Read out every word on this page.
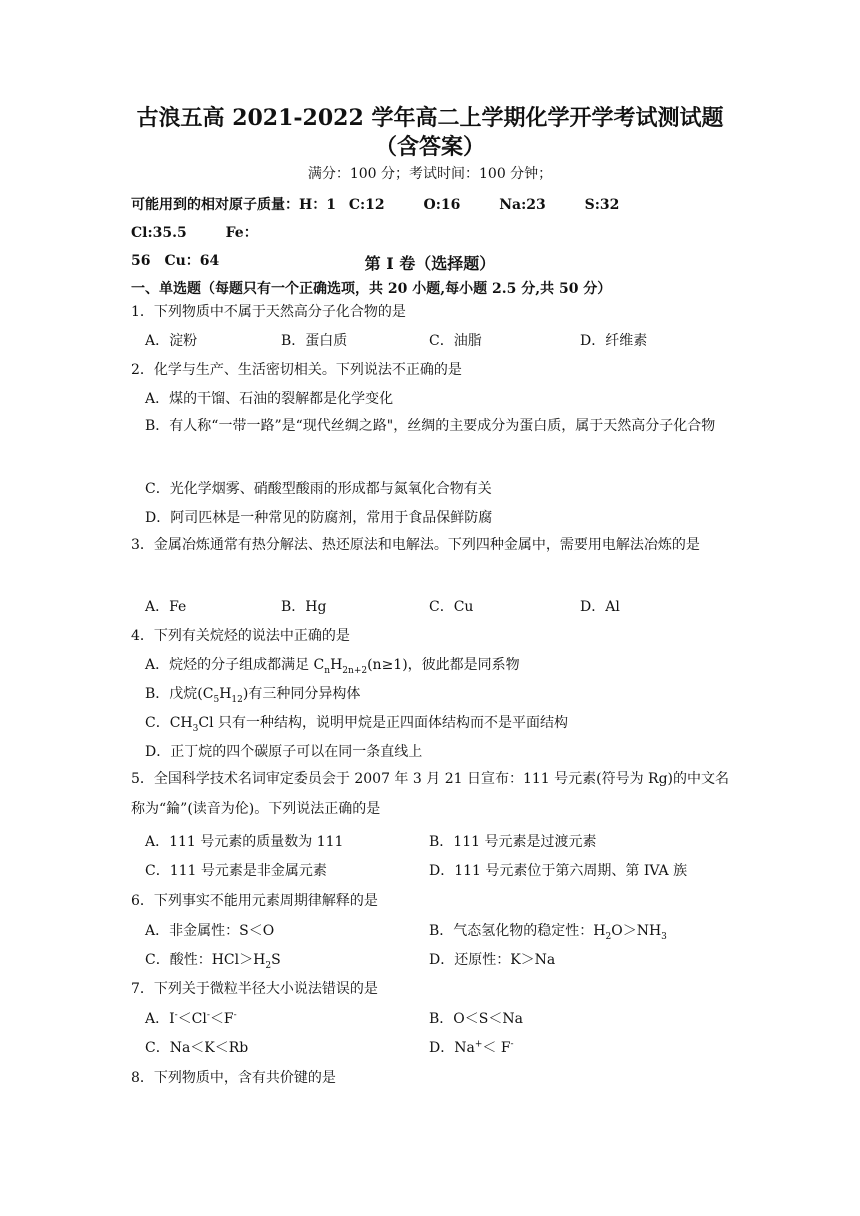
古浪五高 2021-2022 学年高二上学期化学开学考试测试题（含答案）
满分：100 分；考试时间：100 分钟；
可能用到的相对原子质量：H：1 C:12	O:16	Na:23	S:32 Cl:35.5	Fe：
56 Cu：64	第 I 卷（选择题）
一、单选题（每题只有一个正确选项，共 20 小题,每小题 2.5 分,共 50 分）
1．下列物质中不属于天然高分子化合物的是
A．淀粉	B．蛋白质	C．油脂	D．纤维素
2．化学与生产、生活密切相关。下列说法不正确的是
A．煤的干馏、石油的裂解都是化学变化
B．有人称“一带一路”是“现代丝绸之路"，丝绸的主要成分为蛋白质，属于天然高分子化合物
C．光化学烟雾、硝酸型酸雨的形成都与氮氧化合物有关
D．阿司匹林是一种常见的防腐剂，常用于食品保鲜防腐
3．金属冶炼通常有热分解法、热还原法和电解法。下列四种金属中，需要用电解法冶炼的是
A．Fe	B．Hg	C．Cu	D．Al
4．下列有关烷烃的说法中正确的是
A．烷烃的分子组成都满足 $C_nH_{2n+2}(n\ge 1)$，彼此都是同系物
B．戊烷$(C_5H_{12})$有三种同分异构体
C．$CH_3Cl$ 只有一种结构，说明甲烷是正四面体结构而不是平面结构
D．正丁烷的四个碳原子可以在同一条直线上
5．全国科学技术名词审定委员会于 2007 年 3 月 21 日宣布：111 号元素(符号为 Rg)的中文名称为“錀”(读音为伦)。下列说法正确的是
A．111 号元素的质量数为 111	B．111 号元素是过渡元素
C．111 号元素是非金属元素	D．111 号元素位于第六周期、第 IVA 族
6．下列事实不能用元素周期律解释的是
A．非金属性：S＜O	B．气态氢化物的稳定性：$H_2O>NH_3$
C．酸性：$HCl>H_2S$	D．还原性：K＞Na
7．下列关于微粒半径大小说法错误的是
A．I-＜Cl-＜F-	B．O＜S＜Na
C．Na＜K＜Rb	D．Na+＜ F-
8．下列物质中，含有共价键的是
